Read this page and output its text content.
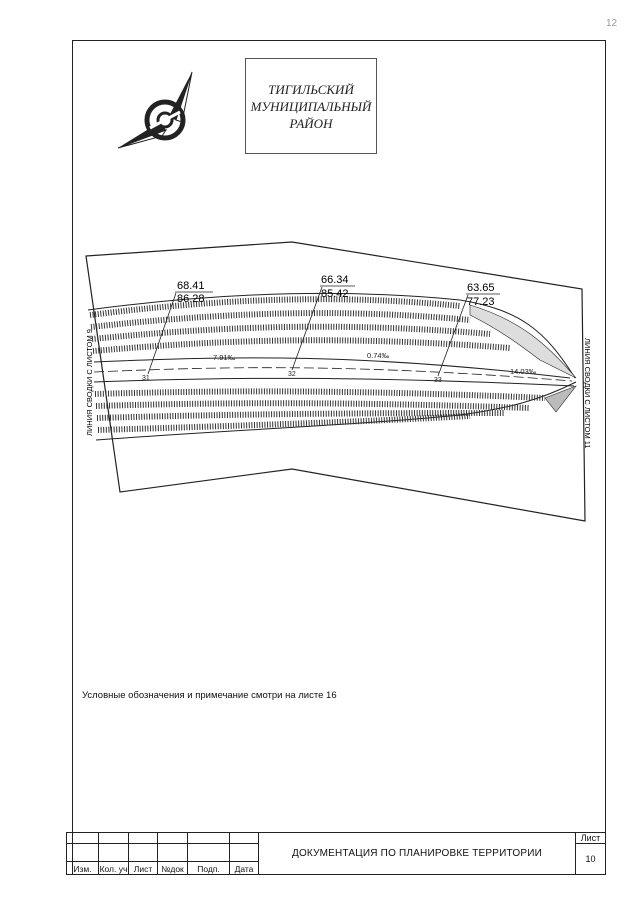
12
68.41
86.28
66.34
85.42	63.65
77.23
31
32
33
7.91‰	0.74‰
14.03‰
ЛИНИЯ СВОДКИ С ЛИСТОМ 9	ЛИНИЯ СВОДКИ С ЛИСТОМ 11
ТИГИЛЬСКИЙ
МУНИЦИПАЛЬНЫЙ
РАЙОН
Условные обозначения и примечание смотри на листе 16
						ДОКУМЕНТАЦИЯ ПО ПЛАНИРОВКЕ ТЕРРИТОРИИ	Лист
							10
Изм.	Кол. уч	Лист	№док	Подп.	Дата		
